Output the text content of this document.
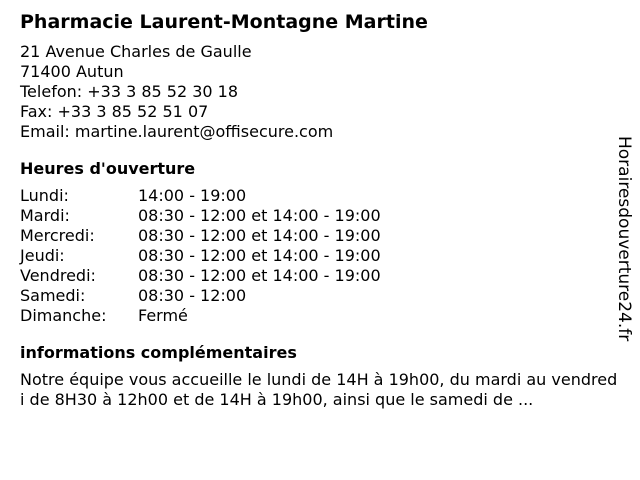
Pharmacie Laurent-Montagne Martine
21 Avenue Charles de Gaulle
71400 Autun
Telefon: +33 3 85 52 30 18
Fax: +33 3 85 52 51 07
Email: martine.laurent@offisecure.com
Heures d'ouverture
Lundi:	14:00 - 19:00
Mardi:	08:30 - 12:00 et 14:00 - 19:00
Mercredi:	08:30 - 12:00 et 14:00 - 19:00
Jeudi:	08:30 - 12:00 et 14:00 - 19:00
Vendredi:	08:30 - 12:00 et 14:00 - 19:00
Samedi:	08:30 - 12:00
Dimanche:	Fermé
informations complémentaires
Notre équipe vous accueille le lundi de 14H à 19h00, du mardi au vendredi de 8H30 à 12h00 et de 14H à 19h00, ainsi que le samedi de ...
Horairesdouverture24.fr
